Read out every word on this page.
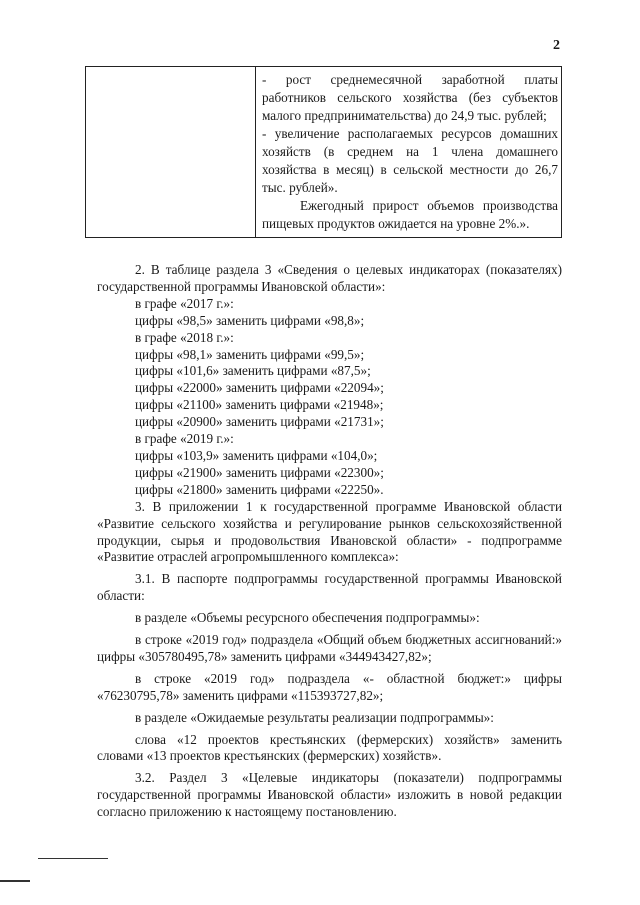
2

- рост среднемесячной заработной платы работников сельского хозяйства (без субъектов малого предпринимательства) до 24,9 тыс. рублей;

- увеличение располагаемых ресурсов домашних хозяйств (в среднем на 1 члена домашнего хозяйства в месяц) в сельской местности до 26,7 тыс. рублей».

Ежегодный прирост объемов производства пищевых продуктов ожидается на уровне 2%.».

2. В таблице раздела 3 «Сведения о целевых индикаторах (показателях) государственной программы Ивановской области»:

в графе «2017 г.»:

цифры «98,5» заменить цифрами «98,8»;

в графе «2018 г.»:

цифры «98,1» заменить цифрами «99,5»;

цифры «101,6» заменить цифрами «87,5»;

цифры «22000» заменить цифрами «22094»;

цифры «21100» заменить цифрами «21948»;

цифры «20900» заменить цифрами «21731»;

в графе «2019 г.»:

цифры «103,9» заменить цифрами «104,0»;

цифры «21900» заменить цифрами «22300»;

цифры «21800» заменить цифрами «22250».

3. В приложении 1 к государственной программе Ивановской области «Развитие сельского хозяйства и регулирование рынков сельскохозяйственной продукции, сырья и продовольствия Ивановской области» - подпрограмме «Развитие отраслей агропромышленного комплекса»:

3.1. В паспорте подпрограммы государственной программы Ивановской области:

в разделе «Объемы ресурсного обеспечения подпрограммы»:

в строке «2019 год» подраздела «Общий объем бюджетных ассигнований:» цифры «305780495,78» заменить цифрами «344943427,82»;

в строке «2019 год» подраздела «- областной бюджет:» цифры «76230795,78» заменить цифрами «115393727,82»;

в разделе «Ожидаемые результаты реализации подпрограммы»:

слова «12 проектов крестьянских (фермерских) хозяйств» заменить словами «13 проектов крестьянских (фермерских) хозяйств».

3.2. Раздел 3 «Целевые индикаторы (показатели) подпрограммы государственной программы Ивановской области» изложить в новой редакции согласно приложению к настоящему постановлению.
